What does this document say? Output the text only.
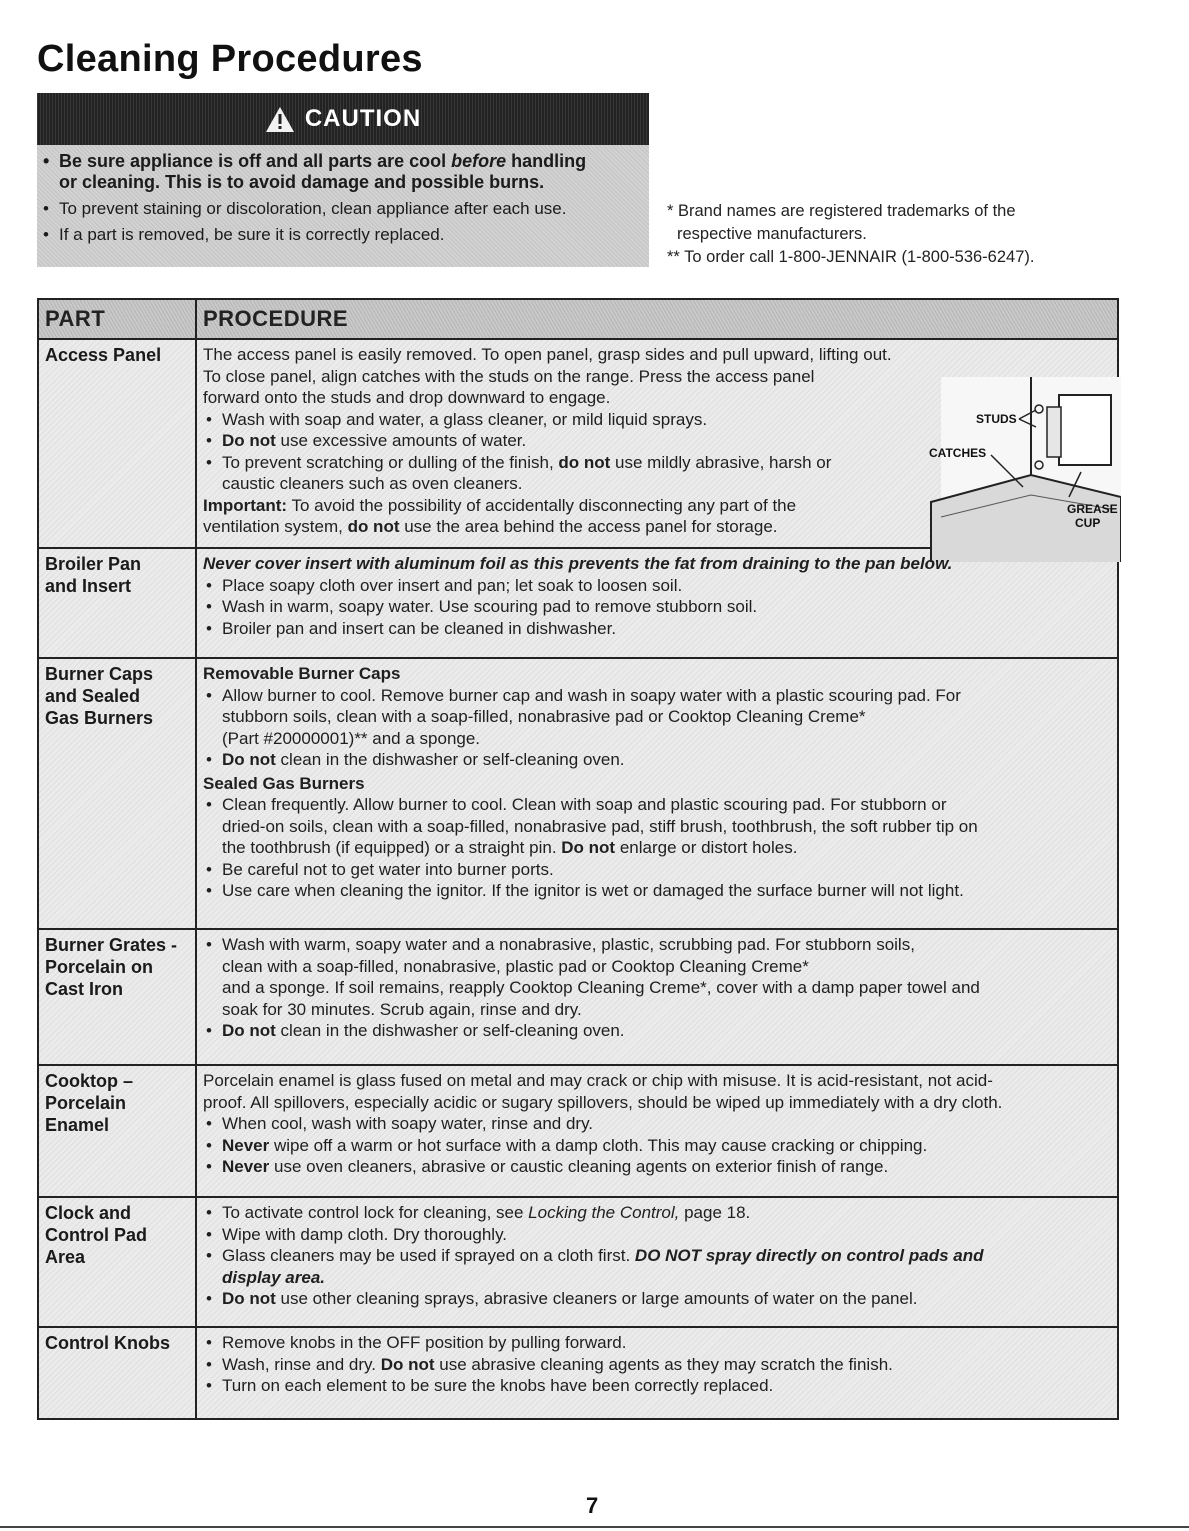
Cleaning Procedures
CAUTION
• Be sure appliance is off and all parts are cool before handling
or cleaning. This is to avoid damage and possible burns.
• To prevent staining or discoloration, clean appliance after each use.
• If a part is removed, be sure it is correctly replaced.
* Brand names are registered trademarks of the
respective manufacturers.
** To order call 1-800-JENNAIR (1-800-536-6247).
PART	PROCEDURE
Access Panel	The access panel is easily removed. To open panel, grasp sides and pull upward, lifting out.
To close panel, align catches with the studs on the range. Press the access panel
forward onto the studs and drop downward to engage.
• Wash with soap and water, a glass cleaner, or mild liquid sprays.
• Do not use excessive amounts of water.
• To prevent scratching or dulling of the finish, do not use mildly abrasive, harsh or
caustic cleaners such as oven cleaners.
Important: To avoid the possibility of accidentally disconnecting any part of the
ventilation system, do not use the area behind the access panel for storage.
STUDS
CATCHES
GREASE
CUP
Broiler Pan
and Insert
Never cover insert with aluminum foil as this prevents the fat from draining to the pan below.
• Place soapy cloth over insert and pan; let soak to loosen soil.
• Wash in warm, soapy water. Use scouring pad to remove stubborn soil.
• Broiler pan and insert can be cleaned in dishwasher.
Burner Caps
and Sealed
Gas Burners
Removable Burner Caps
• Allow burner to cool. Remove burner cap and wash in soapy water with a plastic scouring pad. For
stubborn soils, clean with a soap-filled, nonabrasive pad or Cooktop Cleaning Creme*
(Part #20000001)** and a sponge.
• Do not clean in the dishwasher or self-cleaning oven.
Sealed Gas Burners
• Clean frequently. Allow burner to cool. Clean with soap and plastic scouring pad. For stubborn or
dried-on soils, clean with a soap-filled, nonabrasive pad, stiff brush, toothbrush, the soft rubber tip on
the toothbrush (if equipped) or a straight pin. Do not enlarge or distort holes.
• Be careful not to get water into burner ports.
• Use care when cleaning the ignitor. If the ignitor is wet or damaged the surface burner will not light.
Burner Grates -
Porcelain on
Cast Iron
• Wash with warm, soapy water and a nonabrasive, plastic, scrubbing pad. For stubborn soils,
clean with a soap-filled, nonabrasive, plastic pad or Cooktop Cleaning Creme*
and a sponge. If soil remains, reapply Cooktop Cleaning Creme*, cover with a damp paper towel and
soak for 30 minutes. Scrub again, rinse and dry.
• Do not clean in the dishwasher or self-cleaning oven.
Cooktop –
Porcelain
Enamel
Porcelain enamel is glass fused on metal and may crack or chip with misuse. It is acid-resistant, not acid-
proof. All spillovers, especially acidic or sugary spillovers, should be wiped up immediately with a dry cloth.
• When cool, wash with soapy water, rinse and dry.
• Never wipe off a warm or hot surface with a damp cloth. This may cause cracking or chipping.
• Never use oven cleaners, abrasive or caustic cleaning agents on exterior finish of range.
Clock and
Control Pad
Area
• To activate control lock for cleaning, see Locking the Control, page 18.
• Wipe with damp cloth. Dry thoroughly.
• Glass cleaners may be used if sprayed on a cloth first. DO NOT spray directly on control pads and
display area.
• Do not use other cleaning sprays, abrasive cleaners or large amounts of water on the panel.
Control Knobs
•	Remove knobs in the OFF position by pulling forward.
• Wash, rinse and dry. Do not use abrasive cleaning agents as they may scratch the finish.
• Turn on each element to be sure the knobs have been correctly replaced.
7
